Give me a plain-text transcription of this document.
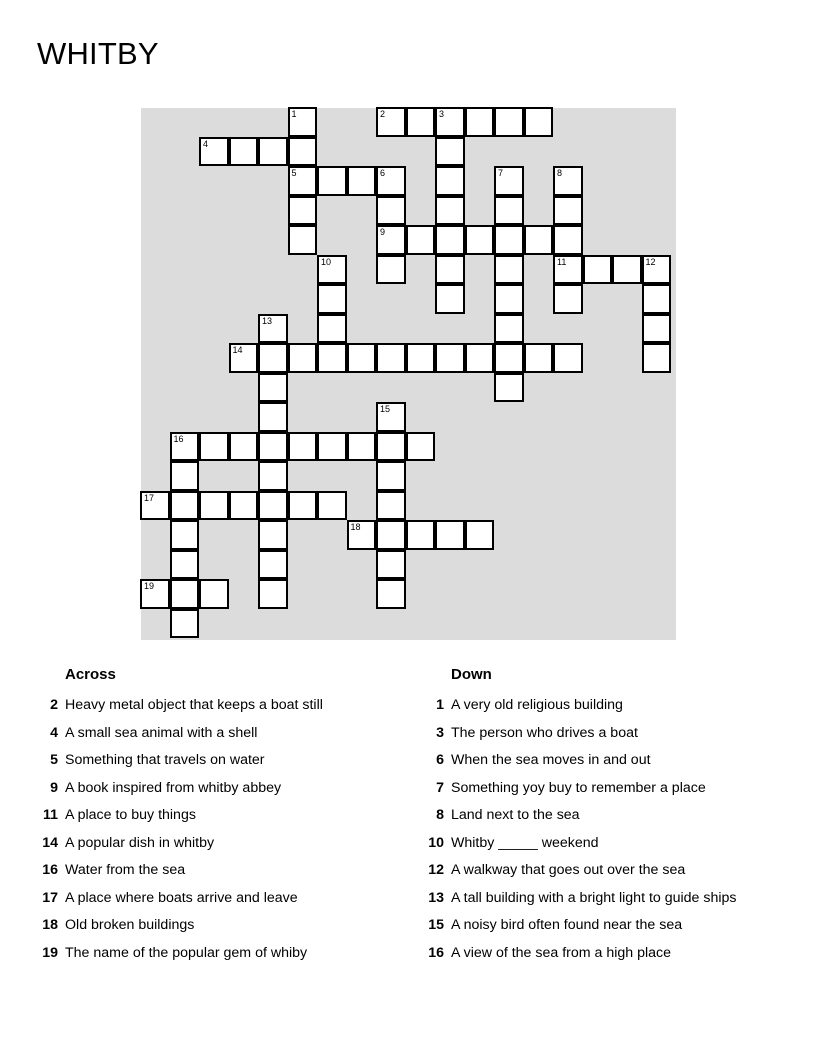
WHITBY
1	2	3
4
5	6	7	8
9
10	11	12
13
14
15
16
17
18
19
Across	Down
2 Heavy metal object that keeps a boat still
4 A small sea animal with a shell
5 Something that travels on water
9 A book inspired from whitby abbey
11 A place to buy things
14 A popular dish in whitby
16 Water from the sea
17 A place where boats arrive and leave
18 Old broken buildings
19 The name of the popular gem of whiby
1 A very old religious building
3 The person who drives a boat
6 When the sea moves in and out
7 Something yoy buy to remember a place
8 Land next to the sea
10 Whitby _____ weekend
12 A walkway that goes out over the sea
13 A tall building with a bright light to guide ships
15 A noisy bird often found near the sea
16 A view of the sea from a high place
